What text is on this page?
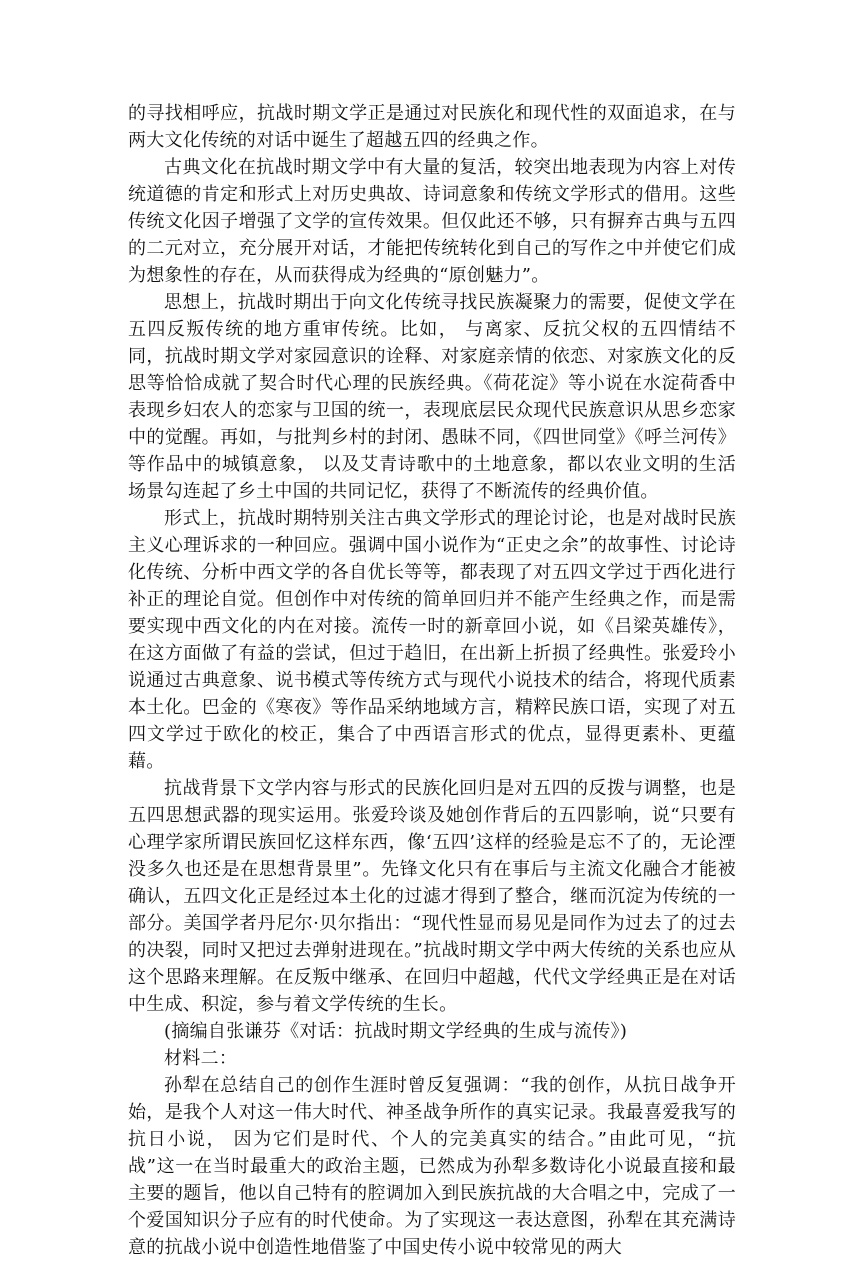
的寻找相呼应，抗战时期文学正是通过对民族化和现代性的双面追求，在与两大文化传统的对话中诞生了超越五四的经典之作。

古典文化在抗战时期文学中有大量的复活，较突出地表现为内容上对传统道德的肯定和形式上对历史典故、诗词意象和传统文学形式的借用。这些传统文化因子增强了文学的宣传效果。但仅此还不够，只有摒弃古典与五四的二元对立，充分展开对话，才能把传统转化到自己的写作之中并使它们成为想象性的存在，从而获得成为经典的“原创魅力”。

思想上，抗战时期出于向文化传统寻找民族凝聚力的需要，促使文学在五四反叛传统的地方重审传统。比如， 与离家、反抗父权的五四情结不同，抗战时期文学对家园意识的诠释、对家庭亲情的依恋、对家族文化的反思等恰恰成就了契合时代心理的民族经典。《荷花淀》等小说在水淀荷香中表现乡妇农人的恋家与卫国的统一，表现底层民众现代民族意识从思乡恋家中的觉醒。再如，与批判乡村的封闭、愚昧不同，《四世同堂》《呼兰河传》等作品中的城镇意象， 以及艾青诗歌中的土地意象，都以农业文明的生活场景勾连起了乡土中国的共同记忆，获得了不断流传的经典价值。

形式上，抗战时期特别关注古典文学形式的理论讨论，也是对战时民族主义心理诉求的一种回应。强调中国小说作为“正史之余”的故事性、讨论诗化传统、分析中西文学的各自优长等等，都表现了对五四文学过于西化进行补正的理论自觉。但创作中对传统的简单回归并不能产生经典之作，而是需要实现中西文化的内在对接。流传一时的新章回小说，如《吕梁英雄传》，在这方面做了有益的尝试，但过于趋旧，在出新上折损了经典性。张爱玲小说通过古典意象、说书模式等传统方式与现代小说技术的结合，将现代质素本土化。巴金的《寒夜》等作品采纳地域方言，精粹民族口语，实现了对五四文学过于欧化的校正，集合了中西语言形式的优点，显得更素朴、更蕴藉。

抗战背景下文学内容与形式的民族化回归是对五四的反拨与调整，也是五四思想武器的现实运用。张爱玲谈及她创作背后的五四影响，说“只要有心理学家所谓民族回忆这样东西，像‘五四’这样的经验是忘不了的，无论湮没多久也还是在思想背景里”。先锋文化只有在事后与主流文化融合才能被确认，五四文化正是经过本土化的过滤才得到了整合，继而沉淀为传统的一部分。美国学者丹尼尔·贝尔指出：“现代性显而易见是同作为过去了的过去的决裂，同时又把过去弹射进现在。”抗战时期文学中两大传统的关系也应从这个思路来理解。在反叛中继承、在回归中超越，代代文学经典正是在对话中生成、积淀，参与着文学传统的生长。

(摘编自张谦芬《对话：抗战时期文学经典的生成与流传》)

材料二：

孙犁在总结自己的创作生涯时曾反复强调：“我的创作，从抗日战争开始，是我个人对这一伟大时代、神圣战争所作的真实记录。我最喜爱我写的抗日小说， 因为它们是时代、个人的完美真实的结合。”由此可见，“抗战”这一在当时最重大的政治主题，已然成为孙犁多数诗化小说最直接和最主要的题旨，他以自己特有的腔调加入到民族抗战的大合唱之中，完成了一个爱国知识分子应有的时代使命。为了实现这一表达意图，孙犁在其充满诗意的抗战小说中创造性地借鉴了中国史传小说中较常见的两大
